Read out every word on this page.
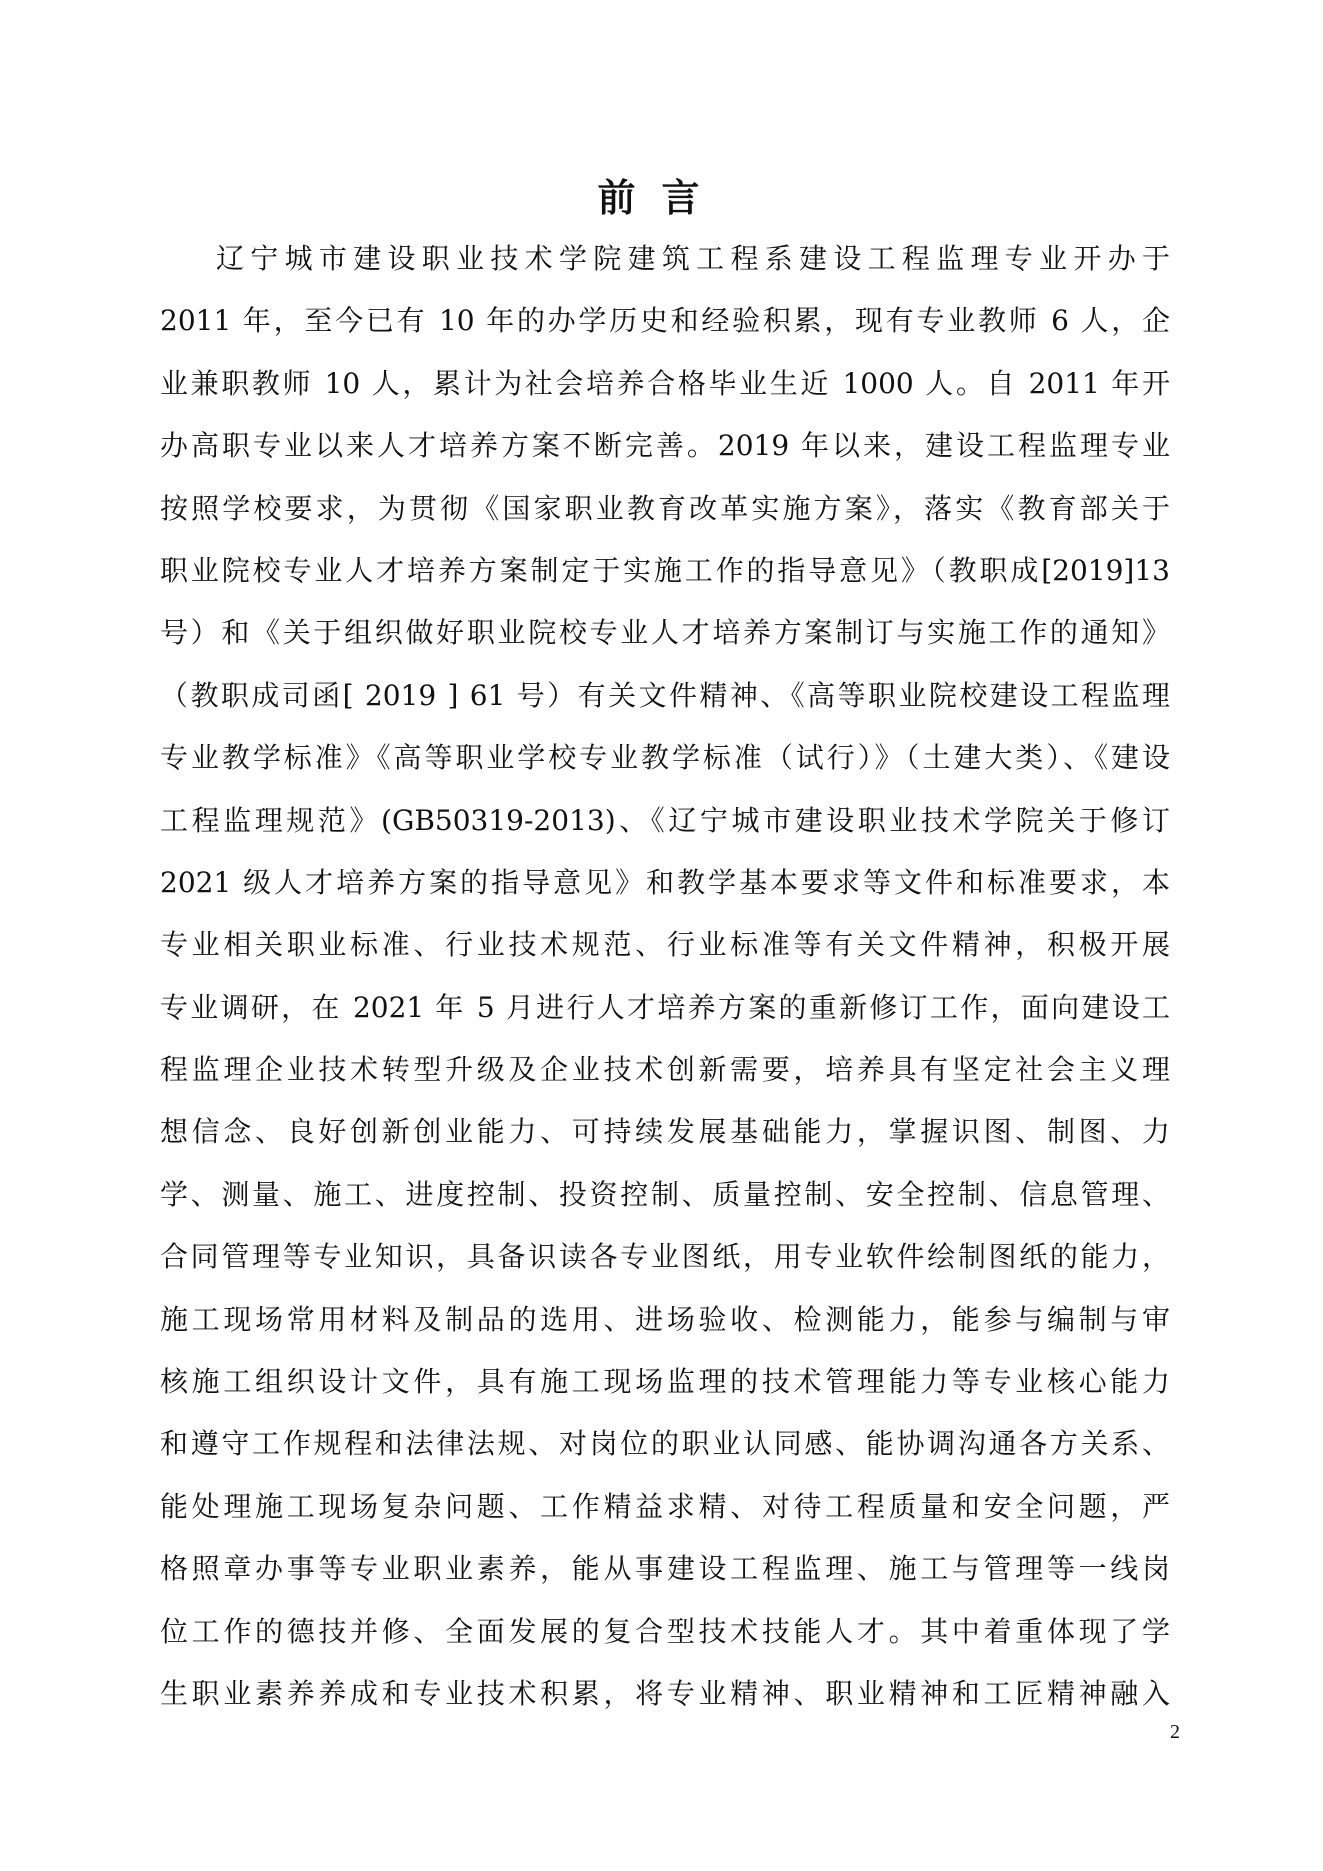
前言
辽宁城市建设职业技术学院建筑工程系建设工程监理专业开办于
2011 年，至今已有 10 年的办学历史和经验积累，现有专业教师 6 人，企
业兼职教师 10 人，累计为社会培养合格毕业生近 1000 人。自 2011 年开
办高职专业以来人才培养方案不断完善。2019 年以来，建设工程监理专业
按照学校要求，为贯彻《国家职业教育改革实施方案》，落实《教育部关于
职业院校专业人才培养方案制定于实施工作的指导意见》（教职成[2019]13
号）和《关于组织做好职业院校专业人才培养方案制订与实施工作的通知》
（教职成司函[ 2019 ] 61 号）有关文件精神、《高等职业院校建设工程监理
专业教学标准》《高等职业学校专业教学标准（试行）》（土建大类）、《建设
工程监理规范》(GB50319-2013)、《辽宁城市建设职业技术学院关于修订
2021 级人才培养方案的指导意见》和教学基本要求等文件和标准要求，本
专业相关职业标准、行业技术规范、行业标准等有关文件精神，积极开展
专业调研，在 2021 年 5 月进行人才培养方案的重新修订工作，面向建设工
程监理企业技术转型升级及企业技术创新需要，培养具有坚定社会主义理
想信念、良好创新创业能力、可持续发展基础能力，掌握识图、制图、力
学、测量、施工、进度控制、投资控制、质量控制、安全控制、信息管理、
合同管理等专业知识，具备识读各专业图纸，用专业软件绘制图纸的能力，
施工现场常用材料及制品的选用、进场验收、检测能力，能参与编制与审
核施工组织设计文件，具有施工现场监理的技术管理能力等专业核心能力
和遵守工作规程和法律法规、对岗位的职业认同感、能协调沟通各方关系、
能处理施工现场复杂问题、工作精益求精、对待工程质量和安全问题，严
格照章办事等专业职业素养，能从事建设工程监理、施工与管理等一线岗
位工作的德技并修、全面发展的复合型技术技能人才。其中着重体现了学
生职业素养养成和专业技术积累，将专业精神、职业精神和工匠精神融入
2
